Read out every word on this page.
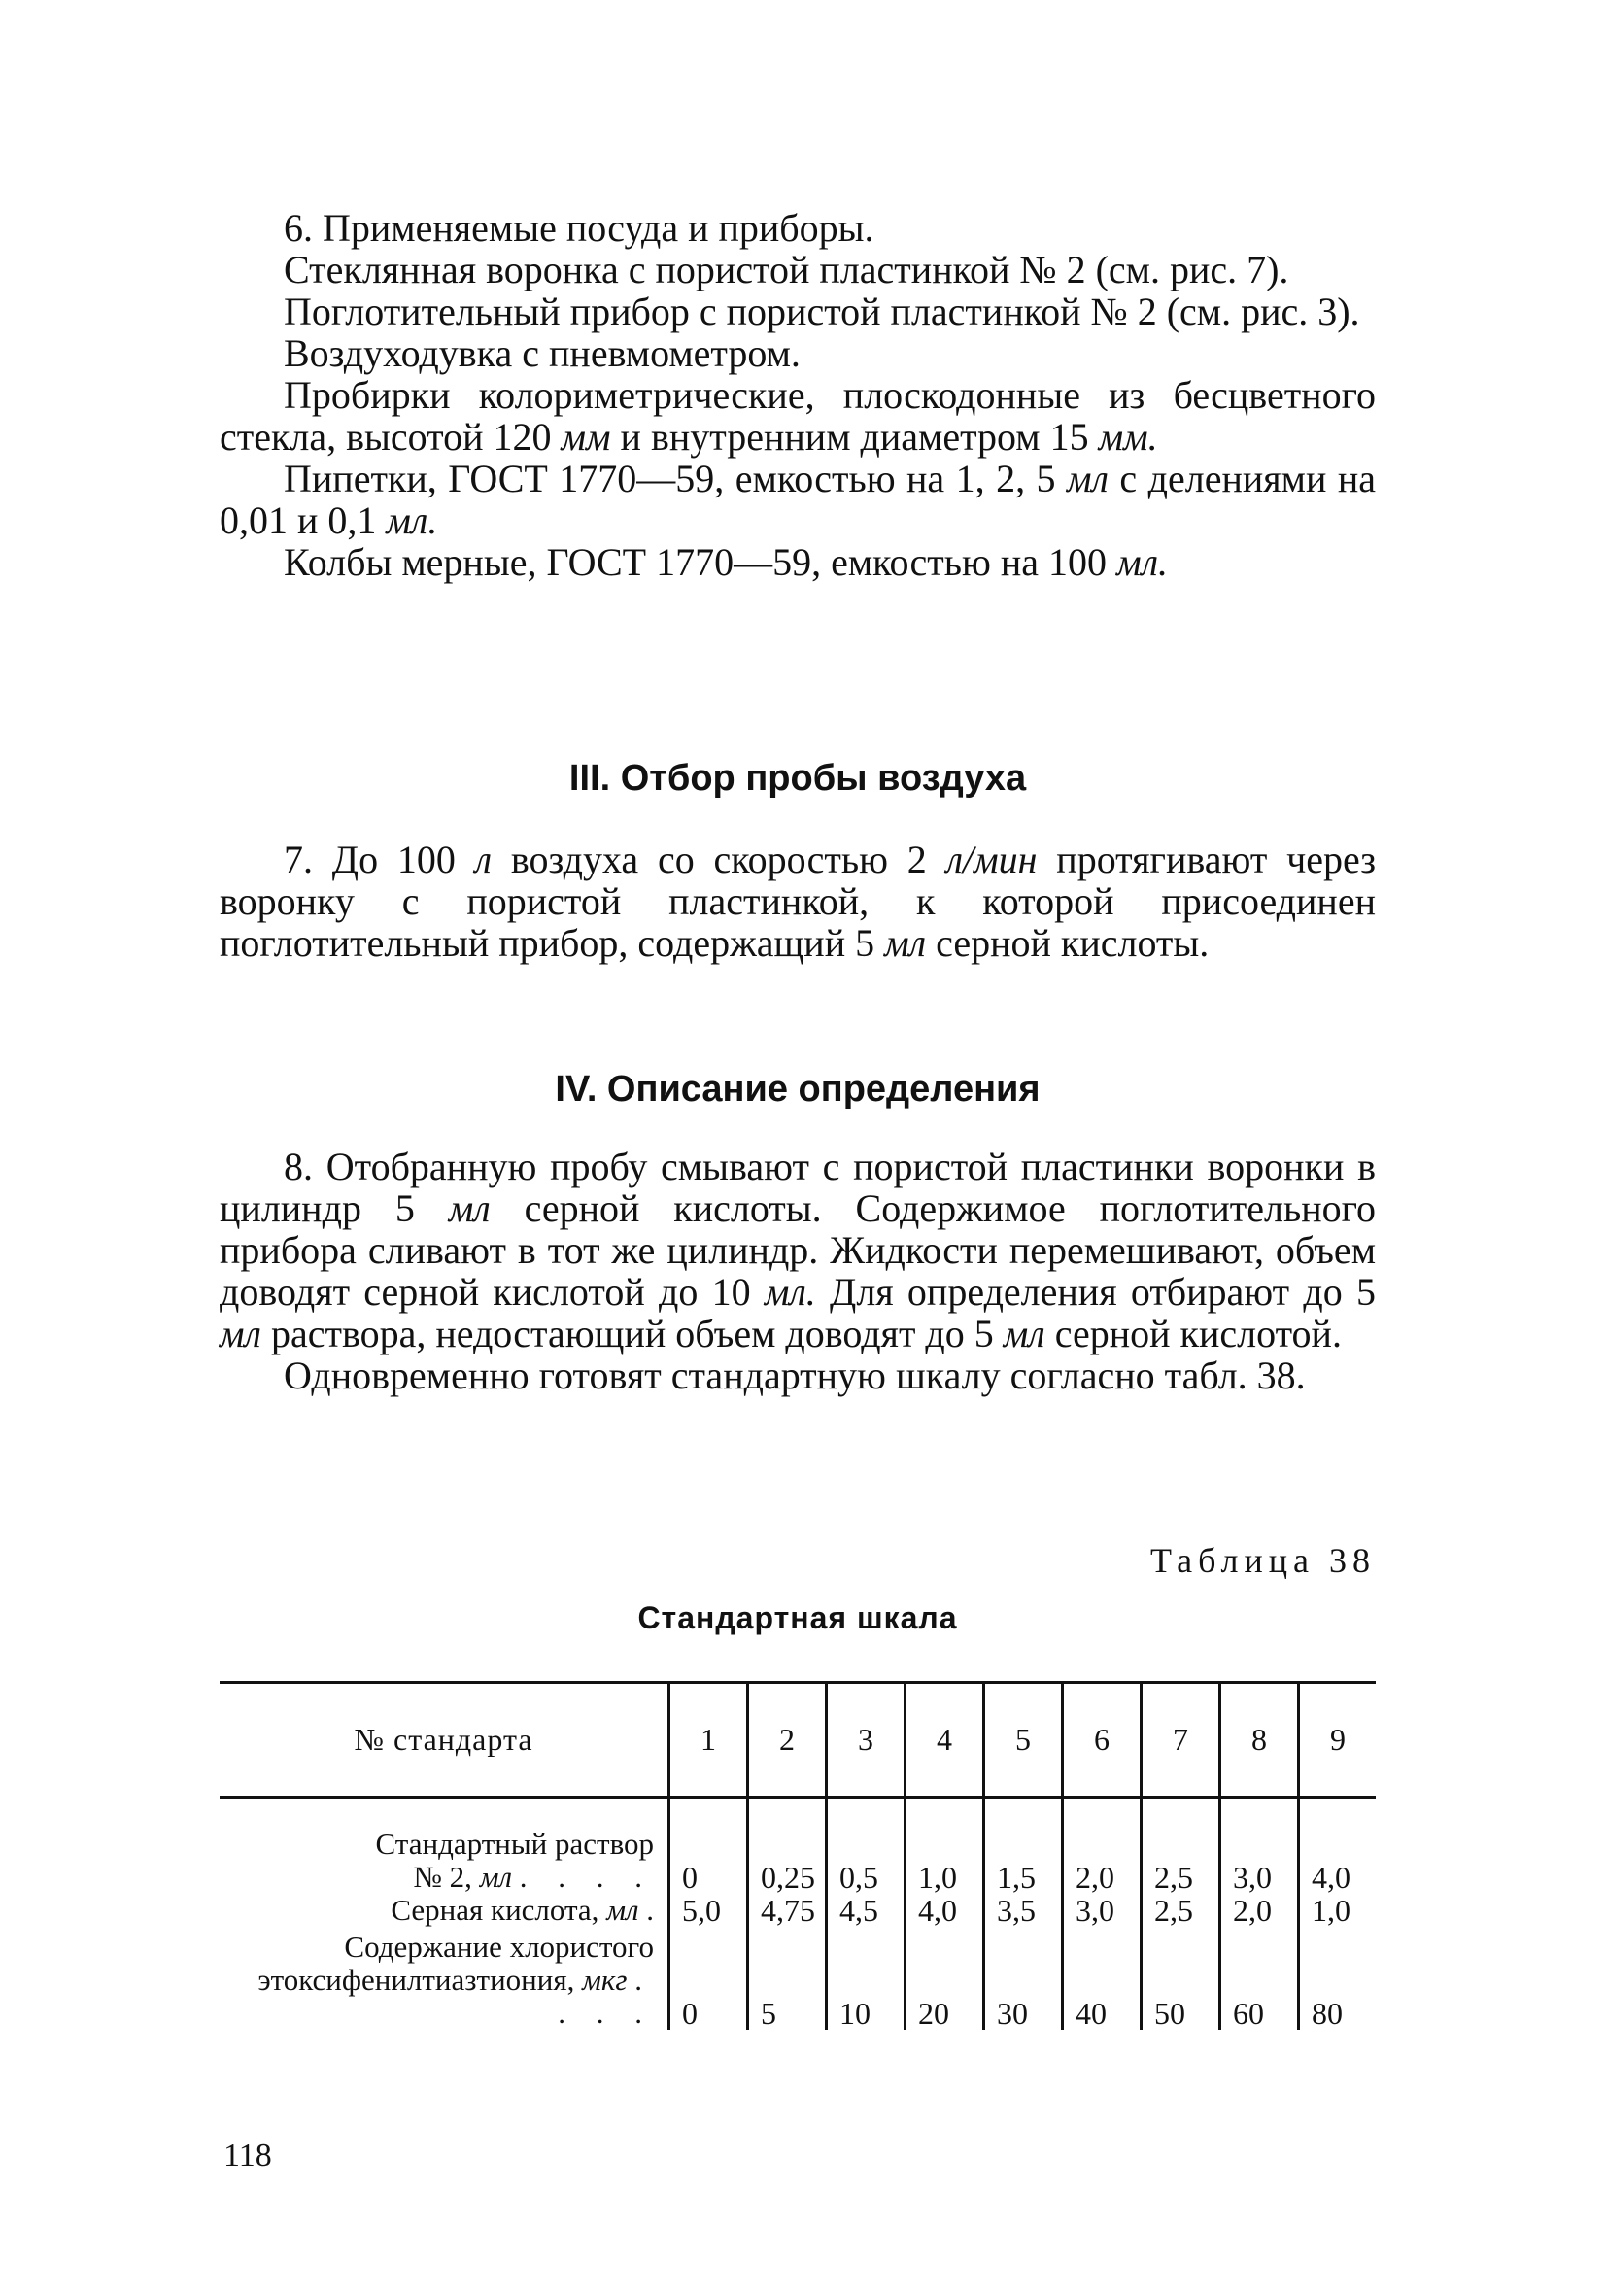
6. Применяемые посуда и приборы.

Стеклянная воронка с пористой пластинкой № 2 (см. рис. 7).

Поглотительный прибор с пористой пластинкой № 2 (см. рис. 3).

Воздуходувка с пневмометром.

Пробирки колориметрические, плоскодонные из бесцветного стекла, высотой 120 мм и внутренним диаметром 15 мм.

Пипетки, ГОСТ 1770—59, емкостью на 1, 2, 5 мл с делениями на 0,01 и 0,1 мл.

Колбы мерные, ГОСТ 1770—59, емкостью на 100 мл.

III. Отбор пробы воздуха

7. До 100 л воздуха со скоростью 2 л/мин протягивают через воронку с пористой пластинкой, к которой присоединен поглотительный прибор, содержащий 5 мл серной кислоты.

IV. Описание определения

8. Отобранную пробу смывают с пористой пластинки воронки в цилиндр 5 мл серной кислоты. Содержимое поглотительного прибора сливают в тот же цилиндр. Жидкости перемешивают, объем доводят серной кислотой до 10 мл. Для определения отбирают до 5 мл раствора, недостающий объем доводят до 5 мл серной кислотой.

Одновременно готовят стандартную шкалу согласно табл. 38.

Таблица 38
Стандартная шкала
№ стандарта	1	2	3	4	5	6	7	8	9
Стандартный раствор
№ 2, мл . . . .	0	0,25	0,5	1,0	1,5	2,0	2,5	3,0	4,0
Серная кислота, мл .	5,0	4,75	4,5	4,0	3,5	3,0	2,5	2,0	1,0
Содержание хлористого этоксифенилтиазтиония, мкг . . . .	0	5	10	20	30	40	50	60	80
118
